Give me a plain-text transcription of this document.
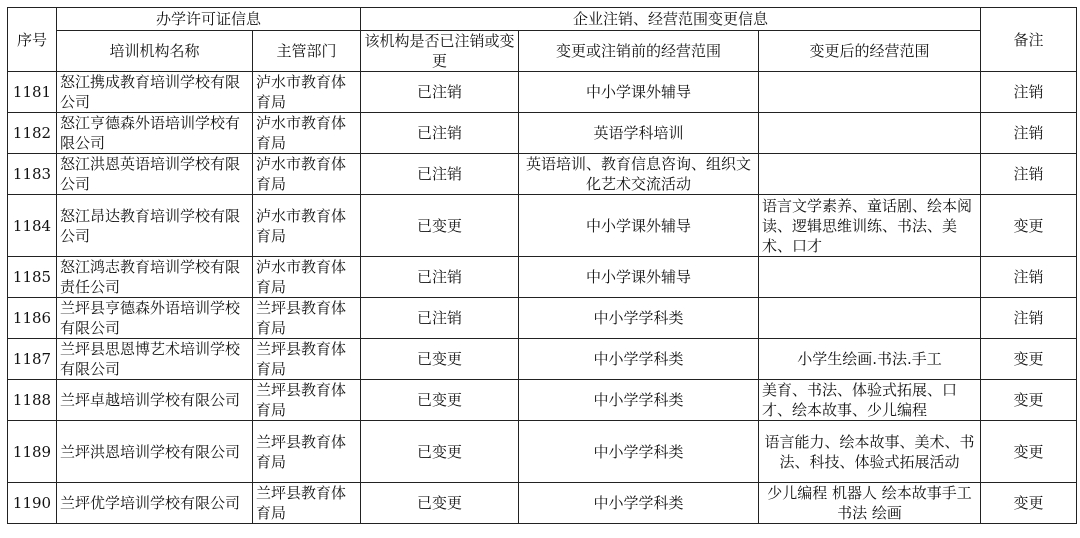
序号	办学许可证信息		企业注销、经营范围变更信息			备注
	培训机构名称	主管部门	该机构是否已注销或变更	变更或注销前的经营范围	变更后的经营范围	
1181	怒江携成教育培训学校有限公司	泸水市教育体育局	已注销	中小学课外辅导		注销
1182	怒江亨德森外语培训学校有限公司	泸水市教育体育局	已注销	英语学科培训		注销
1183	怒江洪恩英语培训学校有限公司	泸水市教育体育局	已注销	英语培训、教育信息咨询、组织文化艺术交流活动		注销
1184	怒江昂达教育培训学校有限公司	泸水市教育体育局	已变更	中小学课外辅导	语言文学素养、童话剧、绘本阅读、逻辑思维训练、书法、美术、口才	变更
1185	怒江鸿志教育培训学校有限责任公司	泸水市教育体育局	已注销	中小学课外辅导		注销
1186	兰坪县亨德森外语培训学校有限公司	兰坪县教育体育局	已注销	中小学学科类		注销
1187	兰坪县思恩博艺术培训学校有限公司	兰坪县教育体育局	已变更	中小学学科类	小学生绘画.书法.手工	变更
1188	兰坪卓越培训学校有限公司	兰坪县教育体育局	已变更	中小学学科类	美育、书法、体验式拓展、口才、绘本故事、少儿编程	变更
1189	兰坪洪恩培训学校有限公司	兰坪县教育体育局	已变更	中小学学科类	语言能力、绘本故事、美术、书法、科技、体验式拓展活动	变更
1190	兰坪优学培训学校有限公司	兰坪县教育体育局	已变更	中小学学科类	少儿编程 机器人 绘本故事手工 书法 绘画	变更
